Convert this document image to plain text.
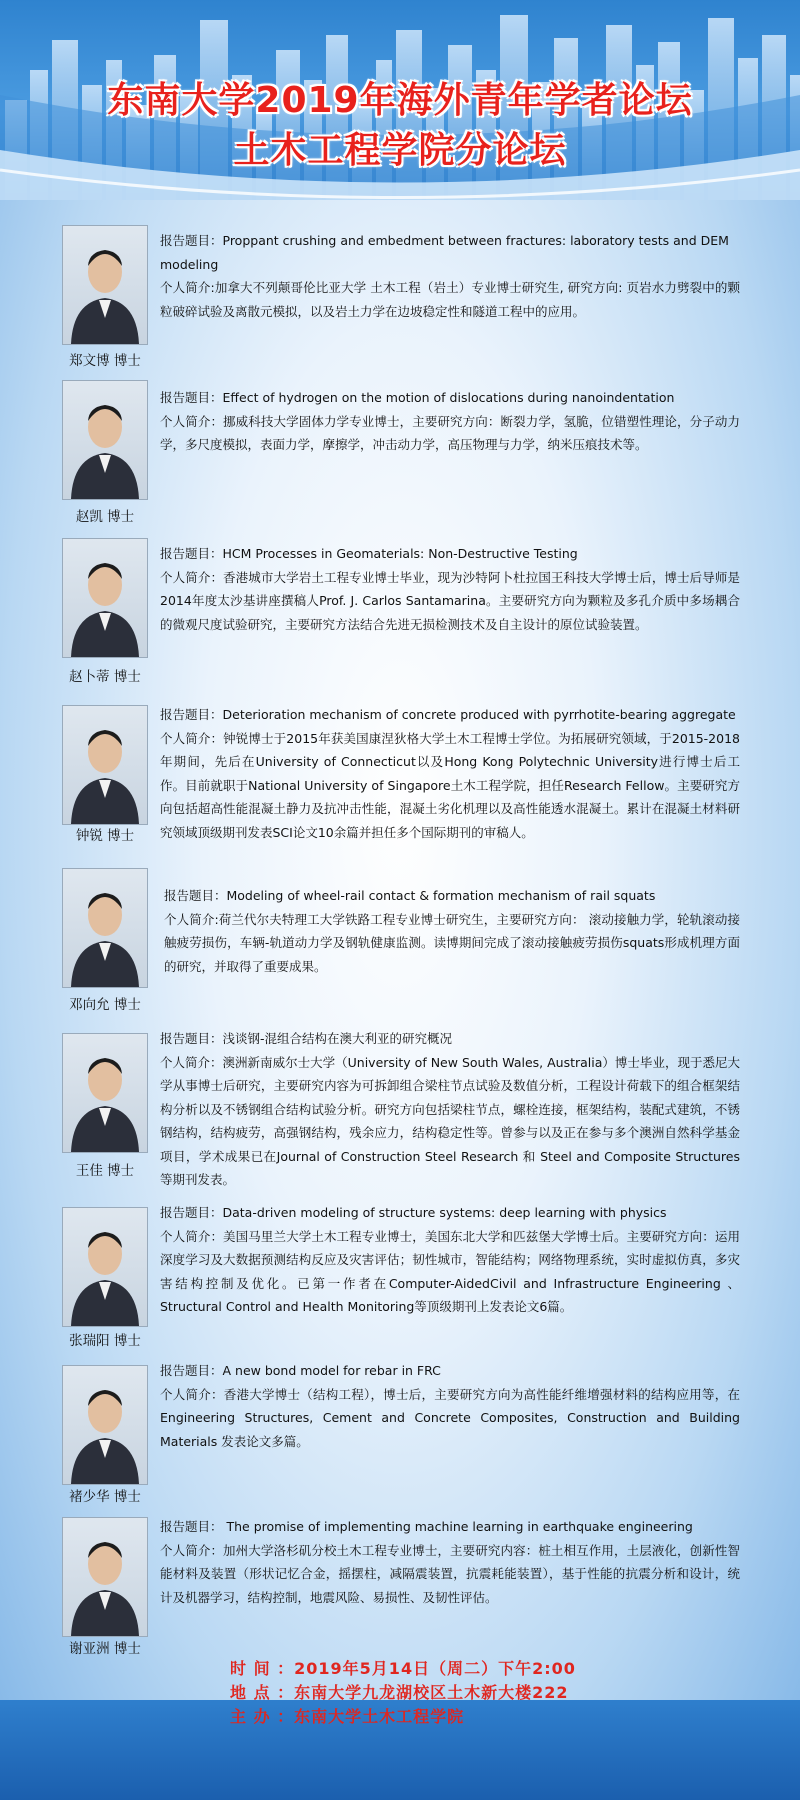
东南大学2019年海外青年学者论坛
土木工程学院分论坛
郑文博 博士

报告题目：Proppant crushing and embedment between fractures: laboratory tests and DEM modeling

个人简介:加拿大不列颠哥伦比亚大学 土木工程（岩土）专业博士研究生, 研究方向: 页岩水力劈裂中的颗粒破碎试验及离散元模拟，以及岩土力学在边坡稳定性和隧道工程中的应用。

赵凯 博士

报告题目：Effect of hydrogen on the motion of dislocations during nanoindentation

个人简介：挪威科技大学固体力学专业博士，主要研究方向：断裂力学，氢脆，位错塑性理论，分子动力学，多尺度模拟，表面力学，摩擦学，冲击动力学，高压物理与力学，纳米压痕技术等。

赵卜蒂 博士

报告题目：HCM Processes in Geomaterials: Non-Destructive Testing

个人简介：香港城市大学岩土工程专业博士毕业，现为沙特阿卜杜拉国王科技大学博士后，博士后导师是2014年度太沙基讲座撰稿人Prof. J. Carlos Santamarina。主要研究方向为颗粒及多孔介质中多场耦合的微观尺度试验研究，主要研究方法结合先进无损检测技术及自主设计的原位试验装置。

钟锐 博士

报告题目：Deterioration mechanism of concrete produced with pyrrhotite-bearing aggregate

个人简介：钟锐博士于2015年获美国康涅狄格大学土木工程博士学位。为拓展研究领域，于2015-2018年期间，先后在University of Connecticut以及Hong Kong Polytechnic University进行博士后工作。目前就职于National University of Singapore土木工程学院，担任Research Fellow。主要研究方向包括超高性能混凝土静力及抗冲击性能，混凝土劣化机理以及高性能透水混凝土。累计在混凝土材料研究领域顶级期刊发表SCI论文10余篇并担任多个国际期刊的审稿人。

邓向允 博士

报告题目：Modeling of wheel-rail contact & formation mechanism of rail squats

个人简介:荷兰代尔夫特理工大学铁路工程专业博士研究生，主要研究方向： 滚动接触力学，轮轨滚动接触疲劳损伤，车辆-轨道动力学及钢轨健康监测。读博期间完成了滚动接触疲劳损伤squats形成机理方面的研究，并取得了重要成果。

王佳 博士

报告题目：浅谈钢-混组合结构在澳大利亚的研究概况

个人简介：澳洲新南威尔士大学（University of New South Wales, Australia）博士毕业，现于悉尼大学从事博士后研究，主要研究内容为可拆卸组合梁柱节点试验及数值分析，工程设计荷载下的组合框架结构分析以及不锈钢组合结构试验分析。研究方向包括梁柱节点，螺栓连接，框架结构，装配式建筑，不锈钢结构，结构疲劳，高强钢结构，残余应力，结构稳定性等。曾参与以及正在参与多个澳洲自然科学基金项目，学术成果已在Journal of Construction Steel Research 和 Steel and Composite Structures 等期刊发表。

张瑞阳 博士

报告题目：Data-driven modeling of structure systems: deep learning with physics

个人简介：美国马里兰大学土木工程专业博士，美国东北大学和匹兹堡大学博士后。主要研究方向：运用深度学习及大数据预测结构反应及灾害评估；韧性城市，智能结构；网络物理系统，实时虚拟仿真，多灾害结构控制及优化。已第一作者在Computer-AidedCivil and Infrastructure Engineering 、Structural Control and Health Monitoring等顶级期刊上发表论文6篇。

褚少华 博士

报告题目：A new bond model for rebar in FRC

个人简介：香港大学博士（结构工程），博士后，主要研究方向为高性能纤维增强材料的结构应用等，在Engineering Structures, Cement and Concrete Composites, Construction and Building Materials 发表论文多篇。

谢亚洲 博士

报告题目： The promise of implementing machine learning in earthquake engineering

个人简介：加州大学洛杉矶分校土木工程专业博士，主要研究内容：桩土相互作用，土层液化，创新性智能材料及装置（形状记忆合金，摇摆柱，减隔震装置，抗震耗能装置），基于性能的抗震分析和设计，统计及机器学习，结构控制，地震风险、易损性、及韧性评估。

时 间 ：2019年5月14日（周二）下午2:00
地 点 ：东南大学九龙湖校区土木新大楼222
主 办 ：东南大学土木工程学院
